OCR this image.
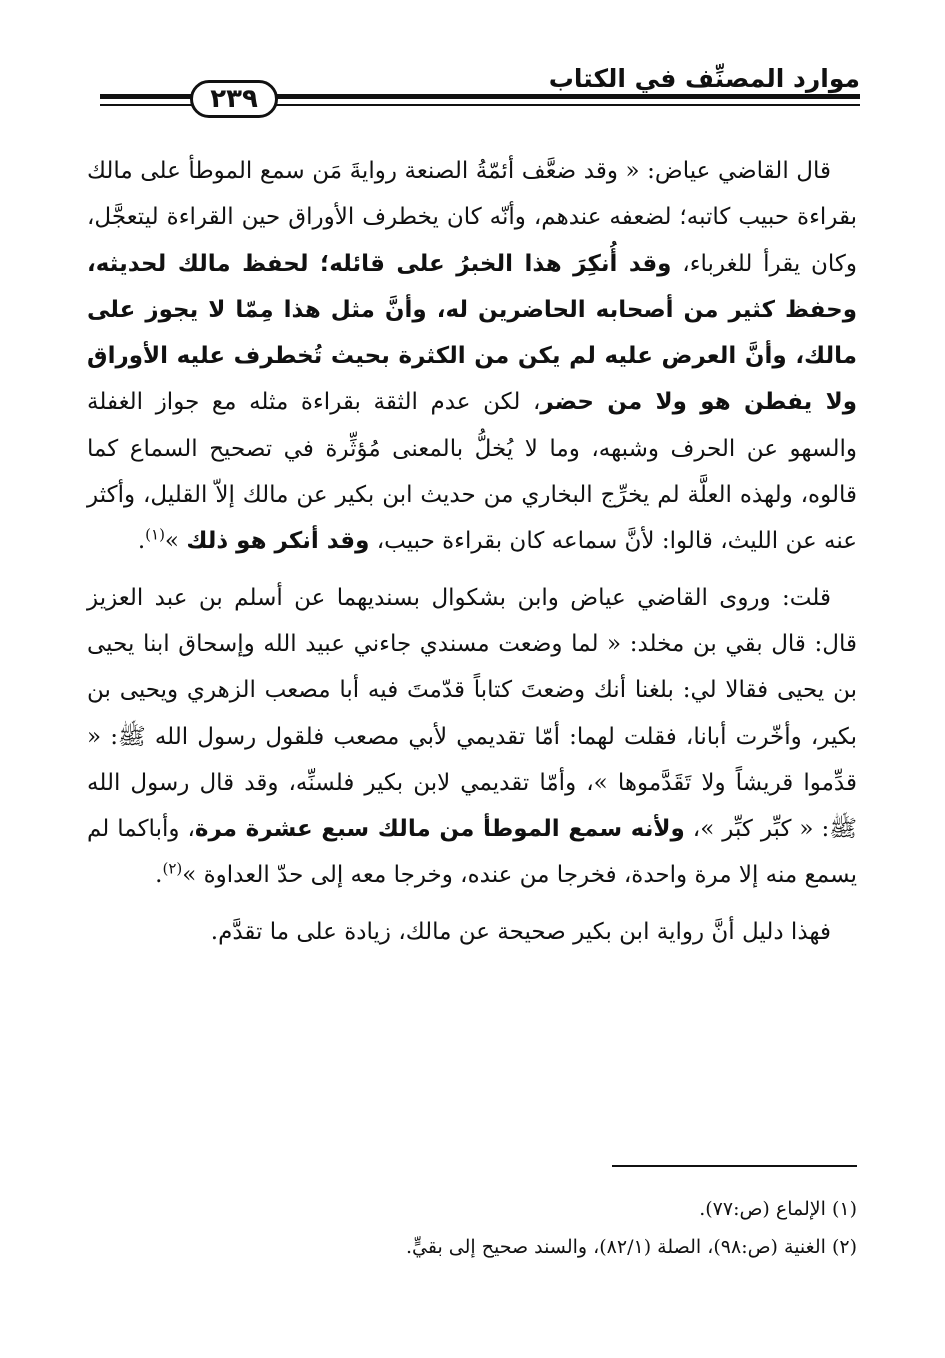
٢٣٩
موارد المصنِّف في الكتاب

قال القاضي عياض: « وقد ضعَّف أئمّةُ الصنعة روايةَ مَن سمع الموطأ على مالك بقراءة حبيب كاتبه؛ لضعفه عندهم، وأنّه كان يخطرف الأوراق حين القراءة ليتعجَّل، وكان يقرأ للغرباء، وقد أُنكِرَ هذا الخبرُ على قائله؛ لحفظ مالك لحديثه، وحفظ كثير من أصحابه الحاضرين له، وأنَّ مثل هذا مِمّا لا يجوز على مالك، وأنَّ العرض عليه لم يكن من الكثرة بحيث تُخطرف عليه الأوراق ولا يفطن هو ولا من حضر، لكن عدم الثقة بقراءة مثله مع جواز الغفلة والسهو عن الحرف وشبهه، وما لا يُخلُّ بالمعنى مُؤثِّرة في تصحيح السماع كما قالوه، ولهذه العلَّة لم يخرِّج البخاري من حديث ابن بكير عن مالك إلاّ القليل، وأكثر عنه عن الليث، قالوا: لأنَّ سماعه كان بقراءة حبيب، وقد أنكر هو ذلك »$^{(١)}$.

قلت: وروى القاضي عياض وابن بشكوال بسنديهما عن أسلم بن عبد العزيز قال: قال بقي بن مخلد: « لما وضعت مسندي جاءني عبيد الله وإسحاق ابنا يحيى بن يحيى فقالا لي: بلغنا أنك وضعتَ كتاباً قدّمتَ فيه أبا مصعب الزهري ويحيى بن بكير، وأخّرت أبانا، فقلت لهما: أمّا تقديمي لأبي مصعب فلقول رسول الله ﷺ: « قدِّموا قريشاً ولا تَقَدَّموها »، وأمّا تقديمي لابن بكير فلسنِّه، وقد قال رسول الله ﷺ: « كبِّر كبِّر »، ولأنه سمع الموطأ من مالك سبع عشرة مرة، وأباكما لم يسمع منه إلا مرة واحدة، فخرجا من عنده، وخرجا معه إلى حدّ العداوة »$^{(٢)}$.

فهذا دليل أنَّ رواية ابن بكير صحيحة عن مالك، زيادة على ما تقدَّم.

(١) الإلماع (ص:٧٧).

(٢) الغنية (ص:٩٨)، الصلة (٨٢/١)، والسند صحيح إلى بقيٍّ.
